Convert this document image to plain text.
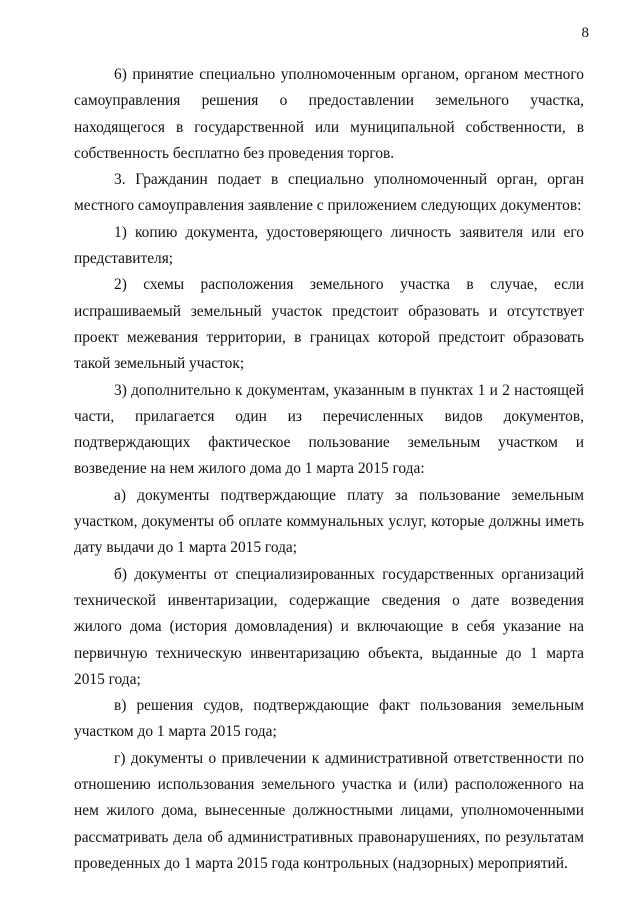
8

6) принятие специально уполномоченным органом, органом местного самоуправления решения о предоставлении земельного участка, находящегося в государственной или муниципальной собственности, в собственность бесплатно без проведения торгов.

3. Гражданин подает в специально уполномоченный орган, орган местного самоуправления заявление с приложением следующих документов:

1) копию документа, удостоверяющего личность заявителя или его представителя;

2) схемы расположения земельного участка в случае, если испрашиваемый земельный участок предстоит образовать и отсутствует проект межевания территории, в границах которой предстоит образовать такой земельный участок;

3) дополнительно к документам, указанным в пунктах 1 и 2 настоящей части, прилагается один из перечисленных видов документов, подтверждающих фактическое пользование земельным участком и возведение на нем жилого дома до 1 марта 2015 года:

а) документы подтверждающие плату за пользование земельным участком, документы об оплате коммунальных услуг, которые должны иметь дату выдачи до 1 марта 2015 года;

б) документы от специализированных государственных организаций технической инвентаризации, содержащие сведения о дате возведения жилого дома (история домовладения) и включающие в себя указание на первичную техническую инвентаризацию объекта, выданные до 1 марта 2015 года;

в) решения судов, подтверждающие факт пользования земельным участком до 1 марта 2015 года;

г) документы о привлечении к административной ответственности по отношению использования земельного участка и (или) расположенного на нем жилого дома, вынесенные должностными лицами, уполномоченными рассматривать дела об административных правонарушениях, по результатам проведенных до 1 марта 2015 года контрольных (надзорных) мероприятий.
